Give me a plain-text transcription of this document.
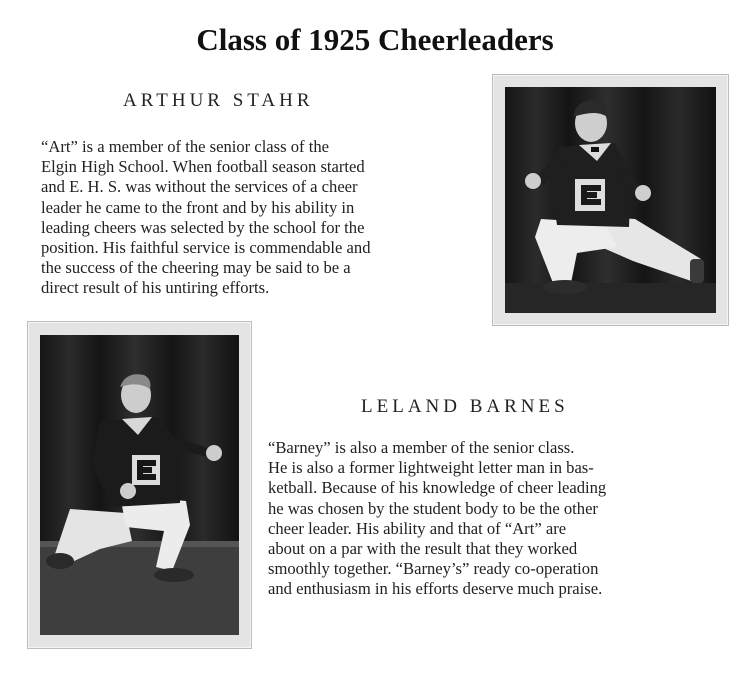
Class of 1925 Cheerleaders
ARTHUR STAHR
“Art” is a member of the senior class of the
Elgin High School. When football season started
and E. H. S. was without the services of a cheer
leader he came to the front and by his ability in
leading cheers was selected by the school for the
position. His faithful service is commendable and
the success of the cheering may be said to be a
direct result of his untiring efforts.
LELAND BARNES
“Barney” is also a member of the senior class.
He is also a former lightweight letter man in bas-
ketball. Because of his knowledge of cheer leading
he was chosen by the student body to be the other
cheer leader. His ability and that of “Art” are
about on a par with the result that they worked
smoothly together. “Barney’s” ready co-operation
and enthusiasm in his efforts deserve much praise.
